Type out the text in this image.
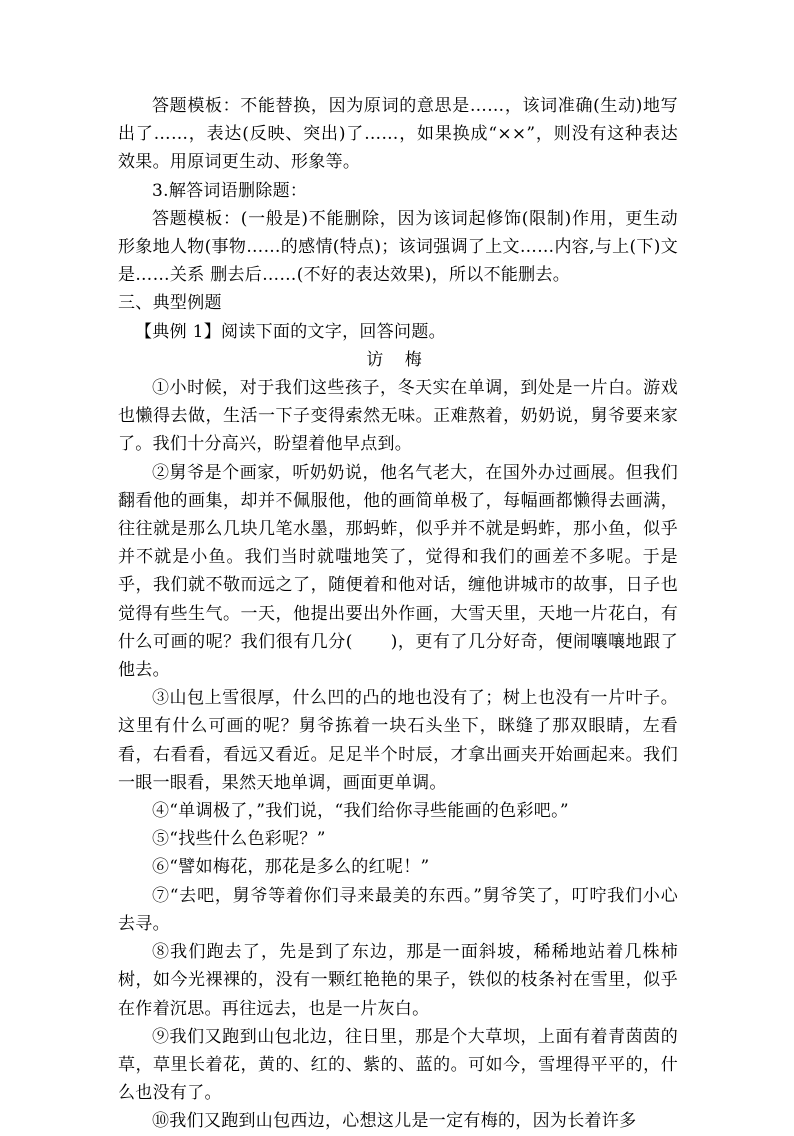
答题模板：不能替换，因为原词的意思是……，该词准确(生动)地写出了……，表达(反映、突出)了……，如果换成“××”，则没有这种表达效果。用原词更生动、形象等。

3.解答词语删除题：

答题模板：(一般是)不能删除，因为该词起修饰(限制)作用，更生动形象地人物(事物……的感情(特点)；该词强调了上文……内容,与上(下)文是……关系 删去后……(不好的表达效果)，所以不能删去。

三、典型例题

【典例 1】阅读下面的文字，回答问题。

访 梅

①小时候，对于我们这些孩子，冬天实在单调，到处是一片白。游戏也懒得去做，生活一下子变得索然无味。正难熬着，奶奶说，舅爷要来家了。我们十分高兴，盼望着他早点到。

②舅爷是个画家，听奶奶说，他名气老大，在国外办过画展。但我们翻看他的画集，却并不佩服他，他的画简单极了，每幅画都懒得去画满，往往就是那么几块几笔水墨，那蚂蚱，似乎并不就是蚂蚱，那小鱼，似乎并不就是小鱼。我们当时就嗤地笑了，觉得和我们的画差不多呢。于是乎，我们就不敬而远之了，随便着和他对话，缠他讲城市的故事，日子也觉得有些生气。一天，他提出要出外作画，大雪天里，天地一片花白，有什么可画的呢？我们很有几分( )，更有了几分好奇，便闹嚷嚷地跟了他去。

③山包上雪很厚，什么凹的凸的地也没有了；树上也没有一片叶子。这里有什么可画的呢？舅爷拣着一块石头坐下，眯缝了那双眼睛，左看看，右看看，看远又看近。足足半个时辰，才拿出画夹开始画起来。我们一眼一眼看，果然天地单调，画面更单调。

④“单调极了，”我们说，“我们给你寻些能画的色彩吧。”

⑤“找些什么色彩呢？”

⑥“譬如梅花，那花是多么的红呢！”

⑦“去吧，舅爷等着你们寻来最美的东西。”舅爷笑了，叮咛我们小心去寻。

⑧我们跑去了，先是到了东边，那是一面斜坡，稀稀地站着几株柿树，如今光裸裸的，没有一颗红艳艳的果子，铁似的枝条衬在雪里，似乎在作着沉思。再往远去，也是一片灰白。

⑨我们又跑到山包北边，往日里，那是个大草坝，上面有着青茵茵的草，草里长着花，黄的、红的、紫的、蓝的。可如今，雪埋得平平的，什么也没有了。

⑩我们又跑到山包西边，心想这儿是一定有梅的，因为长着许多
